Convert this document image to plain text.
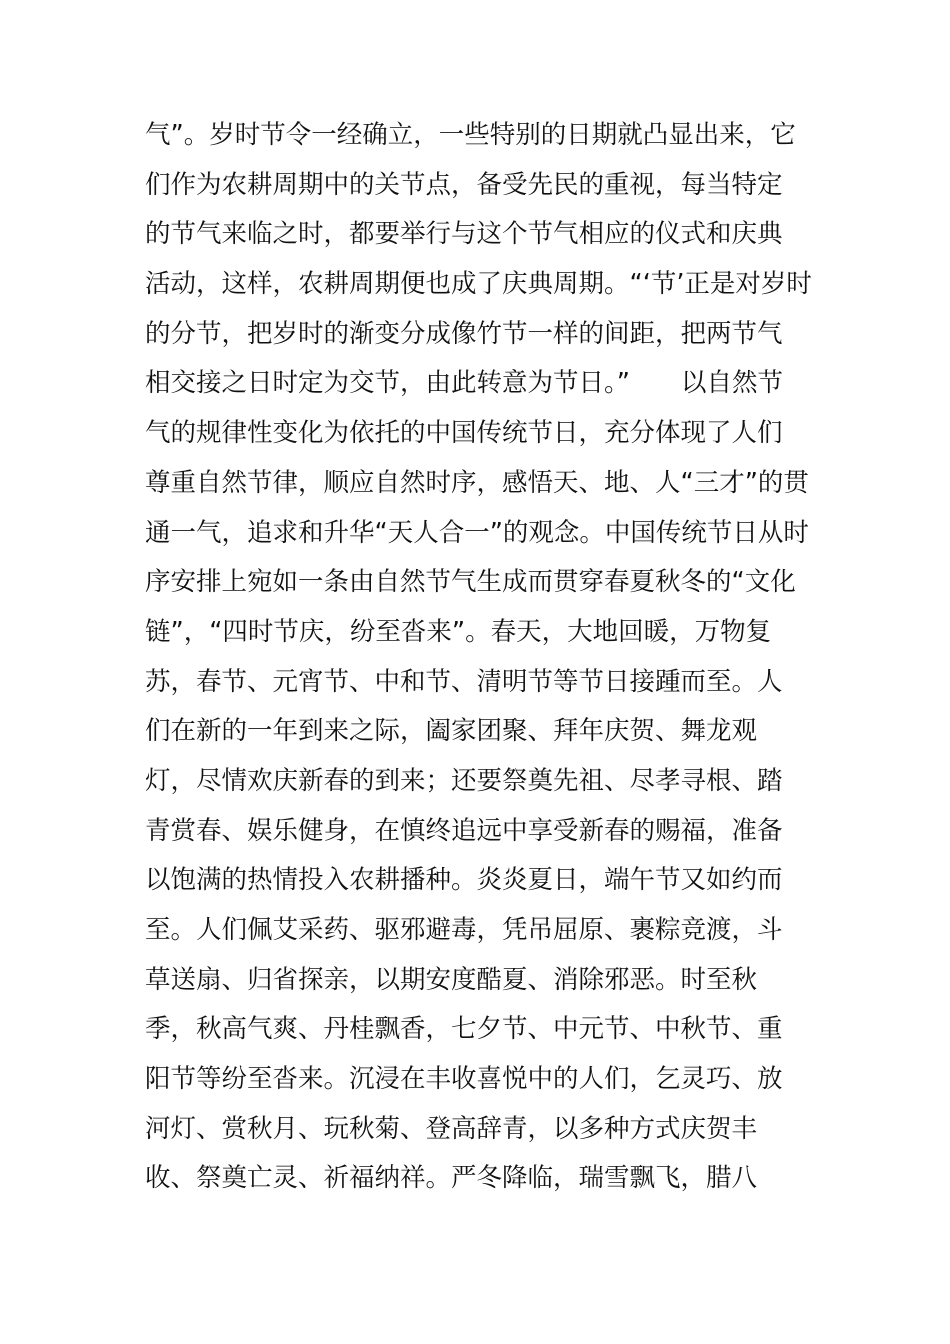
气”。岁时节令一经确立，一些特别的日期就凸显出来，它
们作为农耕周期中的关节点，备受先民的重视，每当特定
的节气来临之时，都要举行与这个节气相应的仪式和庆典
活动，这样，农耕周期便也成了庆典周期。“‘节’正是对岁时
的分节，把岁时的渐变分成像竹节一样的间距，把两节气
相交接之日时定为交节，由此转意为节日。”　　以自然节
气的规律性变化为依托的中国传统节日，充分体现了人们
尊重自然节律，顺应自然时序，感悟天、地、人“三才”的贯
通一气，追求和升华“天人合一”的观念。中国传统节日从时
序安排上宛如一条由自然节气生成而贯穿春夏秋冬的“文化
链”，“四时节庆，纷至沓来”。春天，大地回暖，万物复
苏，春节、元宵节、中和节、清明节等节日接踵而至。人
们在新的一年到来之际，阖家团聚、拜年庆贺、舞龙观
灯，尽情欢庆新春的到来；还要祭奠先祖、尽孝寻根、踏
青赏春、娱乐健身，在慎终追远中享受新春的赐福，准备
以饱满的热情投入农耕播种。炎炎夏日，端午节又如约而
至。人们佩艾采药、驱邪避毒，凭吊屈原、裹粽竞渡，斗
草送扇、归省探亲，以期安度酷夏、消除邪恶。时至秋
季，秋高气爽、丹桂飘香，七夕节、中元节、中秋节、重
阳节等纷至沓来。沉浸在丰收喜悦中的人们，乞灵巧、放
河灯、赏秋月、玩秋菊、登高辞青，以多种方式庆贺丰
收、祭奠亡灵、祈福纳祥。严冬降临，瑞雪飘飞，腊八
